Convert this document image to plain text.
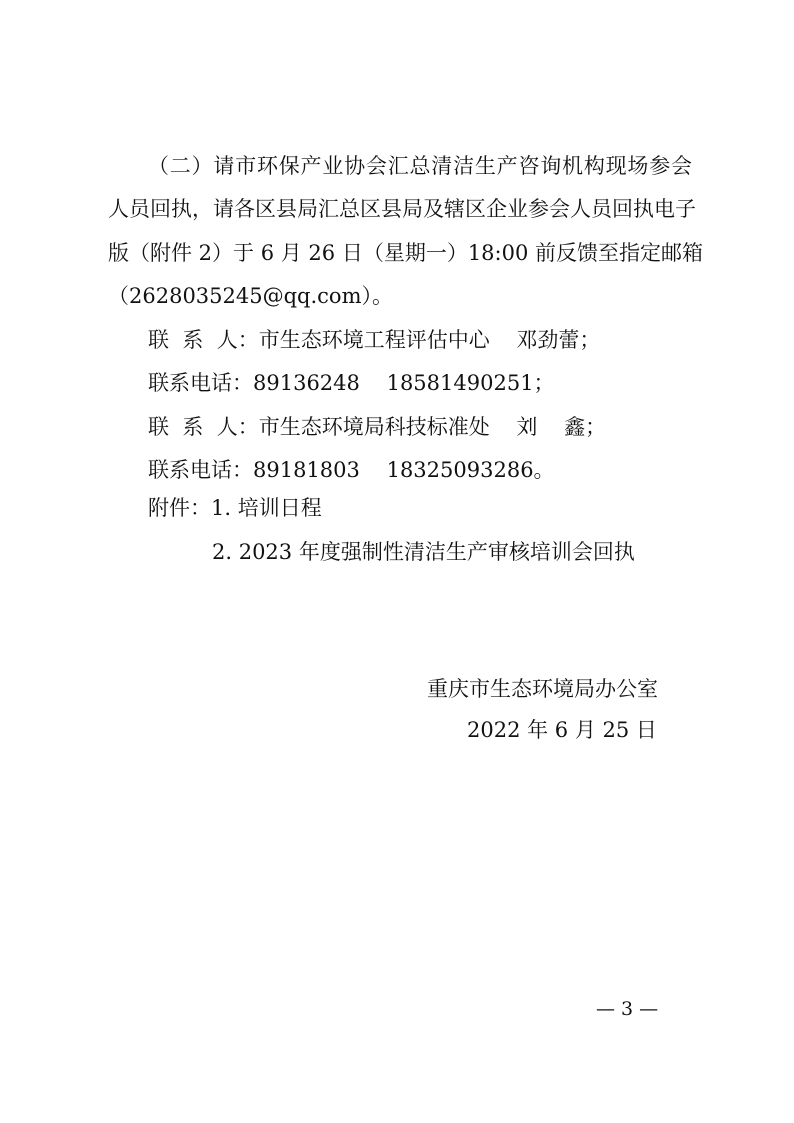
（二）请市环保产业协会汇总清洁生产咨询机构现场参会
人员回执，请各区县局汇总区县局及辖区企业参会人员回执电子
版（附件 2）于 6 月 26 日（星期一）18:00 前反馈至指定邮箱
（2628035245@qq.com）。
联  系  人：市生态环境工程评估中心    邓劲蕾；
联系电话：89136248    18581490251；
联  系  人：市生态环境局科技标准处    刘    鑫；
联系电话：89181803    18325093286。
附件：1. 培训日程
2. 2023 年度强制性清洁生产审核培训会回执
重庆市生态环境局办公室
2022 年 6 月 25 日
— 3 —
